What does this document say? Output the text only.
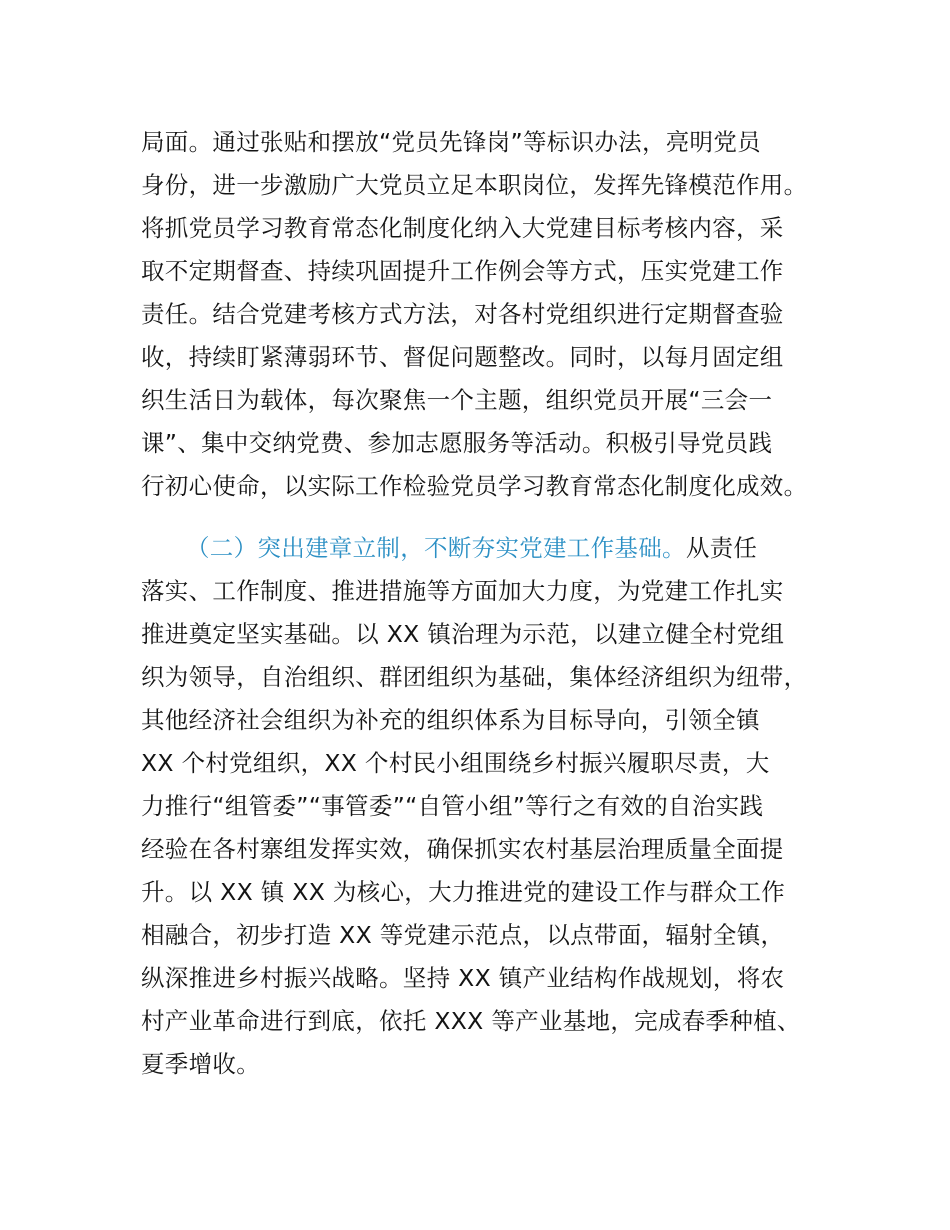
局面。通过张贴和摆放“党员先锋岗”等标识办法，亮明党员
身份，进一步激励广大党员立足本职岗位，发挥先锋模范作用。
将抓党员学习教育常态化制度化纳入大党建目标考核内容，采
取不定期督查、持续巩固提升工作例会等方式，压实党建工作
责任。结合党建考核方式方法，对各村党组织进行定期督查验
收，持续盯紧薄弱环节、督促问题整改。同时，以每月固定组
织生活日为载体，每次聚焦一个主题，组织党员开展“三会一
课”、集中交纳党费、参加志愿服务等活动。积极引导党员践
行初心使命，以实际工作检验党员学习教育常态化制度化成效。
（二）突出建章立制，不断夯实党建工作基础。从责任
落实、工作制度、推进措施等方面加大力度，为党建工作扎实
推进奠定坚实基础。以 XX 镇治理为示范，以建立健全村党组
织为领导，自治组织、群团组织为基础，集体经济组织为纽带，
其他经济社会组织为补充的组织体系为目标导向，引领全镇
XX 个村党组织，XX 个村民小组围绕乡村振兴履职尽责，大
力推行“组管委”“事管委”“自管小组”等行之有效的自治实践
经验在各村寨组发挥实效，确保抓实农村基层治理质量全面提
升。以 XX 镇 XX 为核心，大力推进党的建设工作与群众工作
相融合，初步打造 XX 等党建示范点，以点带面，辐射全镇，
纵深推进乡村振兴战略。坚持 XX 镇产业结构作战规划，将农
村产业革命进行到底，依托 XXX 等产业基地，完成春季种植、
夏季增收。
